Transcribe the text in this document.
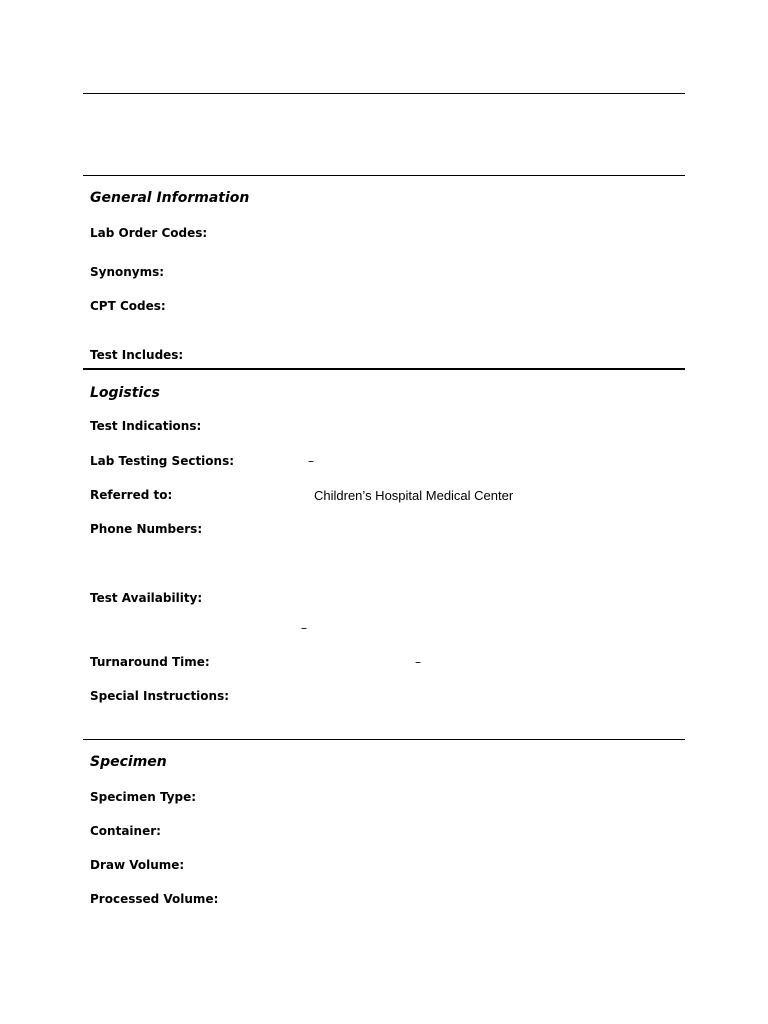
General Information
Lab Order Codes:
Synonyms:
CPT Codes:
Test Includes:
Logistics
Test Indications:
Lab Testing Sections:	–
Referred to:	Children’s Hospital Medical Center
Phone Numbers:
Test Availability:
–
Turnaround Time:	–
Special Instructions:
Specimen
Specimen Type:
Container:
Draw Volume:
Processed Volume:
